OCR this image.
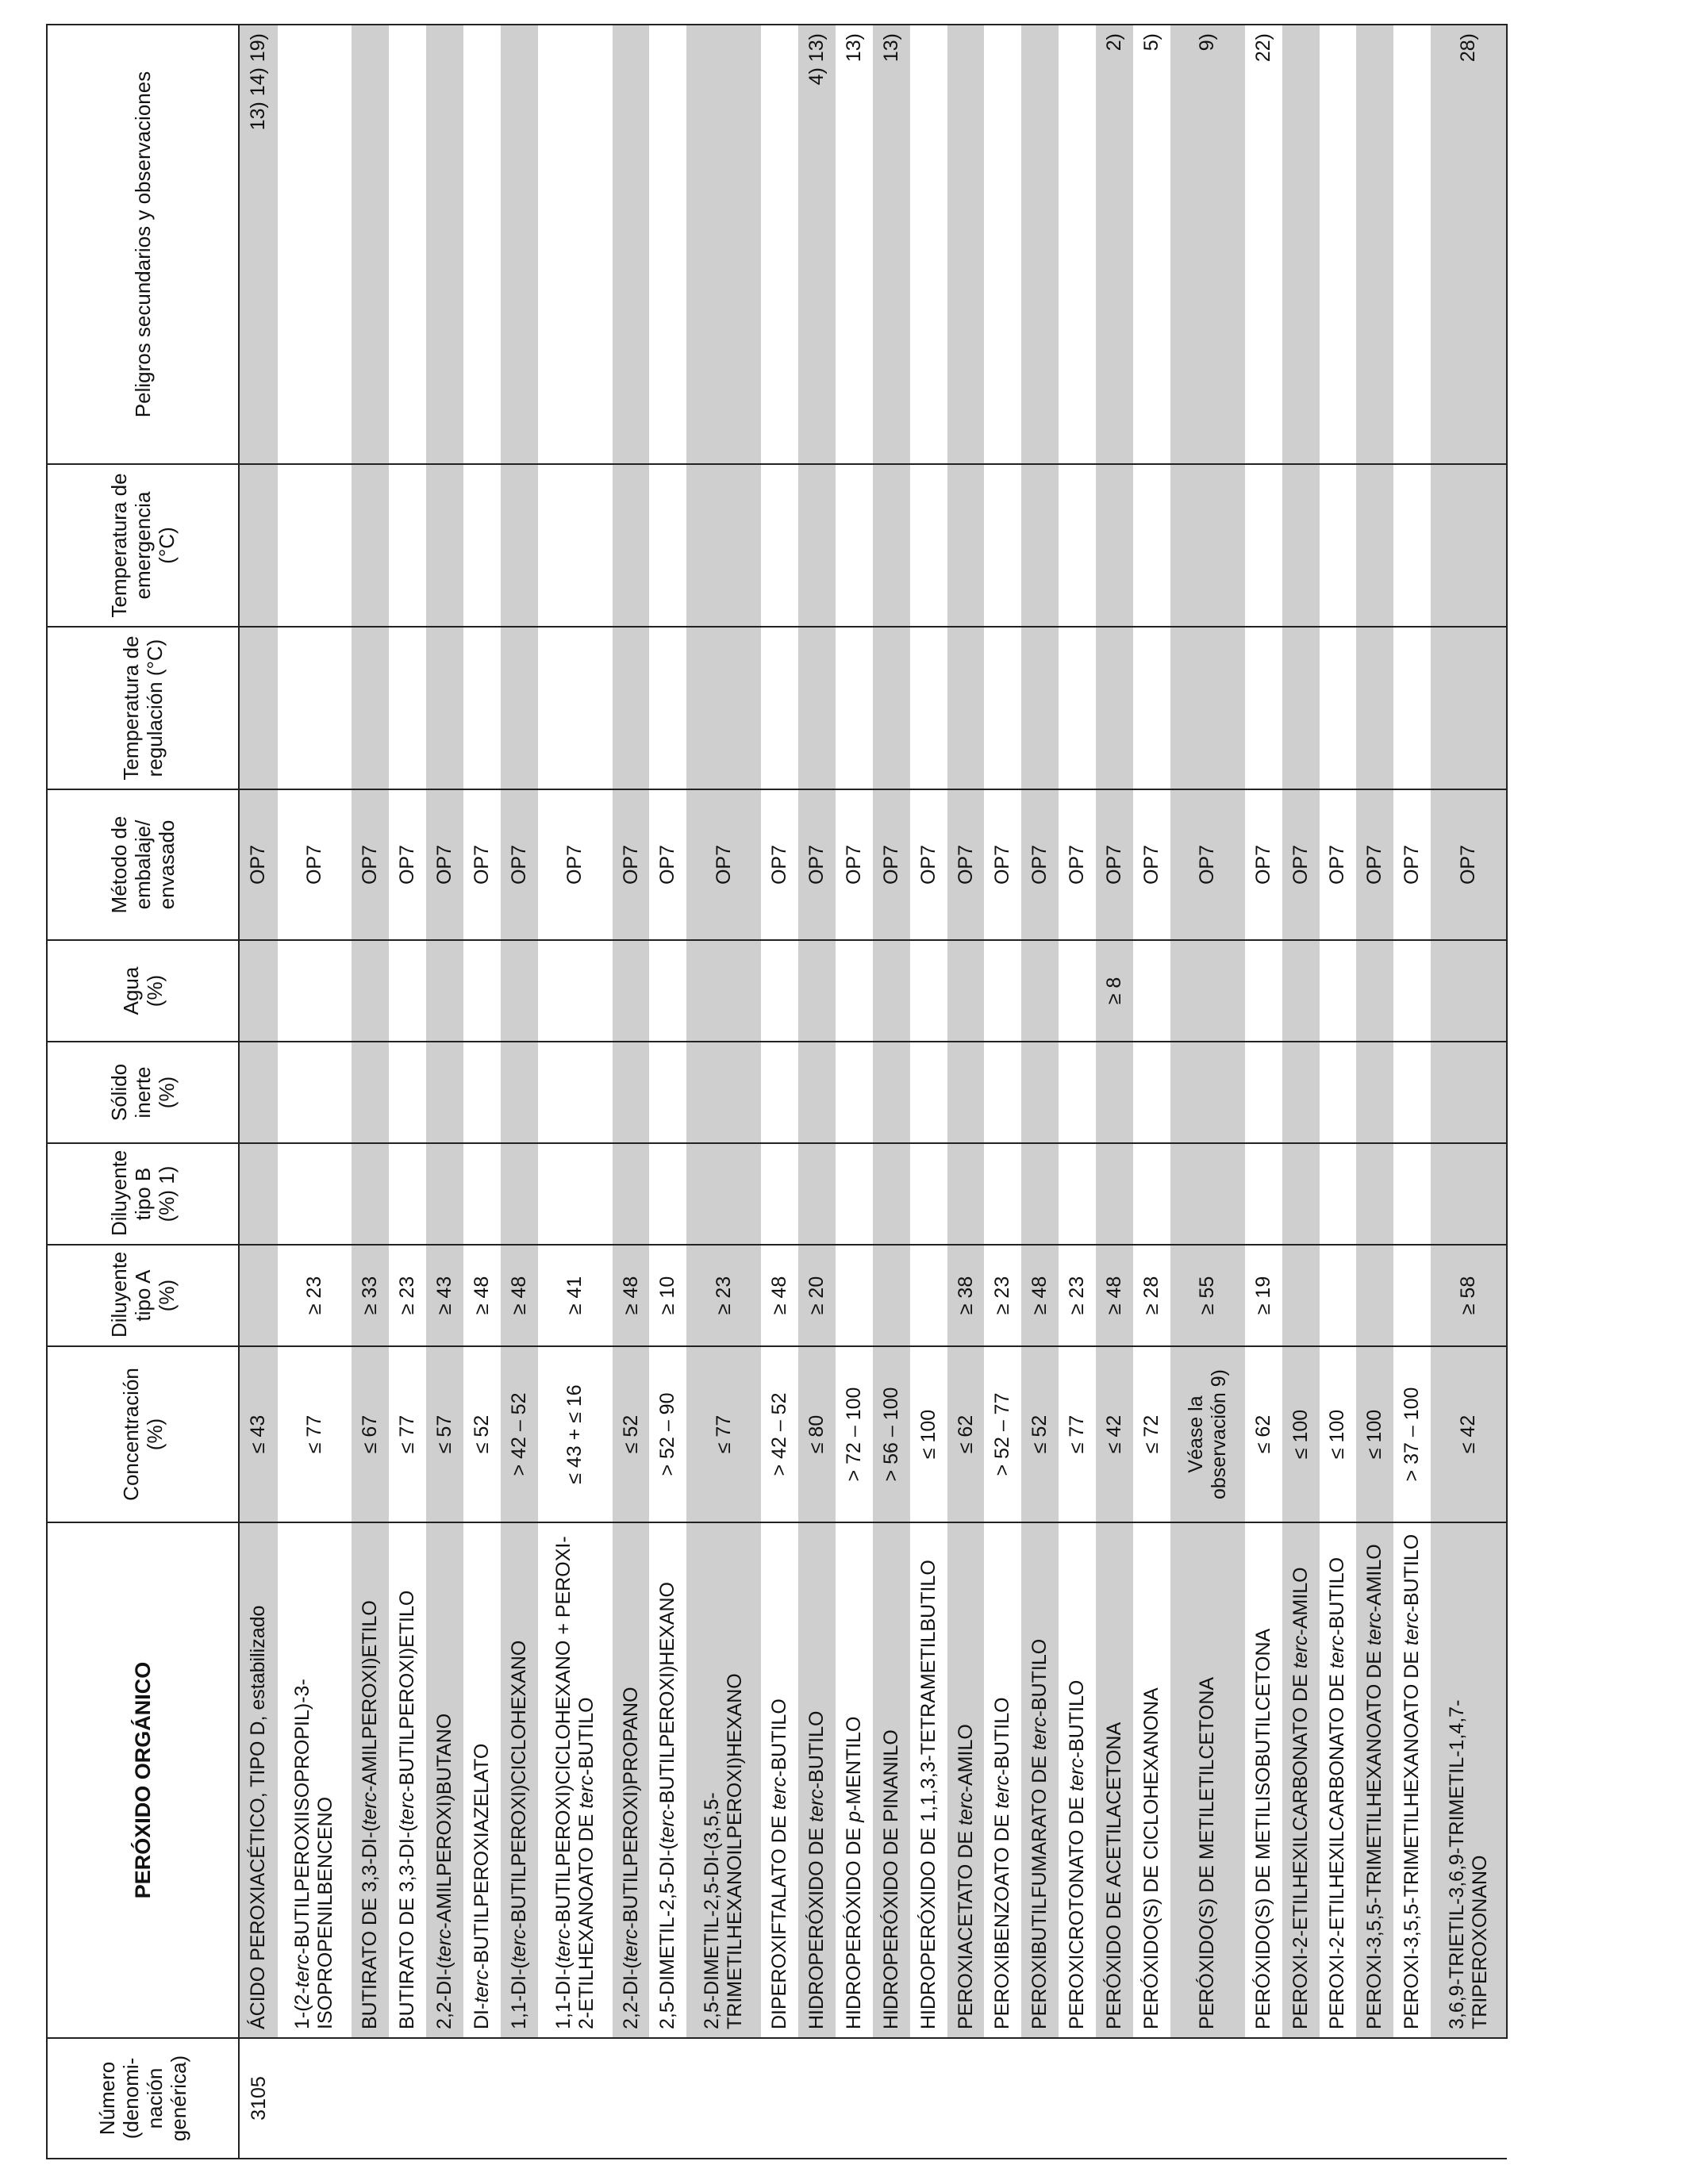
Número (denomi-nación genérica)	PERÓXIDO ORGÁNICO	Concentración (%)	Diluyente tipo A (%)	Diluyente tipo B (%) 1)	Sólido inerte (%)	Agua (%)	Método de embalaje/ envasado	Temperatura de regulación (°C)	Temperatura de emergencia (°C)	Peligros secundarios y observaciones
3105	ÁCIDO PEROXIACÉTICO, TIPO D, estabilizado	≤ 43					OP7			13) 14) 19)
	1-(2-terc-BUTILPEROXIISOPROPIL)-3-ISOPROPENILBENCENO	≤ 77	≥ 23				OP7			
	BUTIRATO DE 3,3-DI-(terc-AMILPEROXI)ETILO	≤ 67	≥ 33				OP7			
	BUTIRATO DE 3,3-DI-(terc-BUTILPEROXI)ETILO	≤ 77	≥ 23				OP7			
	2,2-DI-(terc-AMILPEROXI)BUTANO	≤ 57	≥ 43				OP7			
	DI-terc-BUTILPEROXIAZELATO	≤ 52	≥ 48				OP7			
	1,1-DI-(terc-BUTILPEROXI)CICLOHEXANO	> 42 – 52	≥ 48				OP7			
	1,1-DI-(terc-BUTILPEROXI)CICLOHEXANO + PEROXI-2-ETILHEXANOATO DE terc-BUTILO	≤ 43 + ≤ 16	≥ 41				OP7			
	2,2-DI-(terc-BUTILPEROXI)PROPANO	≤ 52	≥ 48				OP7			
	2,5-DIMETIL-2,5-DI-(terc-BUTILPEROXI)HEXANO	> 52 – 90	≥ 10				OP7			
	2,5-DIMETIL-2,5-DI-(3,5,5-TRIMETILHEXANOILPEROXI)HEXANO	≤ 77	≥ 23				OP7			
	DIPEROXIFTALATO DE terc-BUTILO	> 42 – 52	≥ 48				OP7			
	HIDROPERÓXIDO DE terc-BUTILO	≤ 80	≥ 20				OP7			4) 13)
	HIDROPERÓXIDO DE p-MENTILO	> 72 – 100					OP7			13)
	HIDROPERÓXIDO DE PINANILO	> 56 – 100					OP7			13)
	HIDROPERÓXIDO DE 1,1,3,3-TETRAMETILBUTILO	≤ 100					OP7			
	PEROXIACETATO DE terc-AMILO	≤ 62	≥ 38				OP7			
	PEROXIBENZOATO DE terc-BUTILO	> 52 – 77	≥ 23				OP7			
	PEROXIBUTILFUMARATO DE terc-BUTILO	≤ 52	≥ 48				OP7			
	PEROXICROTONATO DE terc-BUTILO	≤ 77	≥ 23				OP7			
	PERÓXIDO DE ACETILACETONA	≤ 42	≥ 48			≥ 8	OP7			2)
	PERÓXIDO(S) DE CICLOHEXANONA	≤ 72	≥ 28				OP7			5)
	PERÓXIDO(S) DE METILETILCETONA	Véase la observación 9)	≥ 55				OP7			9)
	PERÓXIDO(S) DE METILISOBUTILCETONA	≤ 62	≥ 19				OP7			22)
	PEROXI-2-ETILHEXILCARBONATO DE terc-AMILO	≤ 100					OP7			
	PEROXI-2-ETILHEXILCARBONATO DE terc-BUTILO	≤ 100					OP7			
	PEROXI-3,5,5-TRIMETILHEXANOATO DE terc-AMILO	≤ 100					OP7			
	PEROXI-3,5,5-TRIMETILHEXANOATO DE terc-BUTILO	> 37 – 100					OP7			
	3,6,9-TRIETIL-3,6,9-TRIMETIL-1,4,7-TRIPEROXONANO	≤ 42	≥ 58				OP7			28)
